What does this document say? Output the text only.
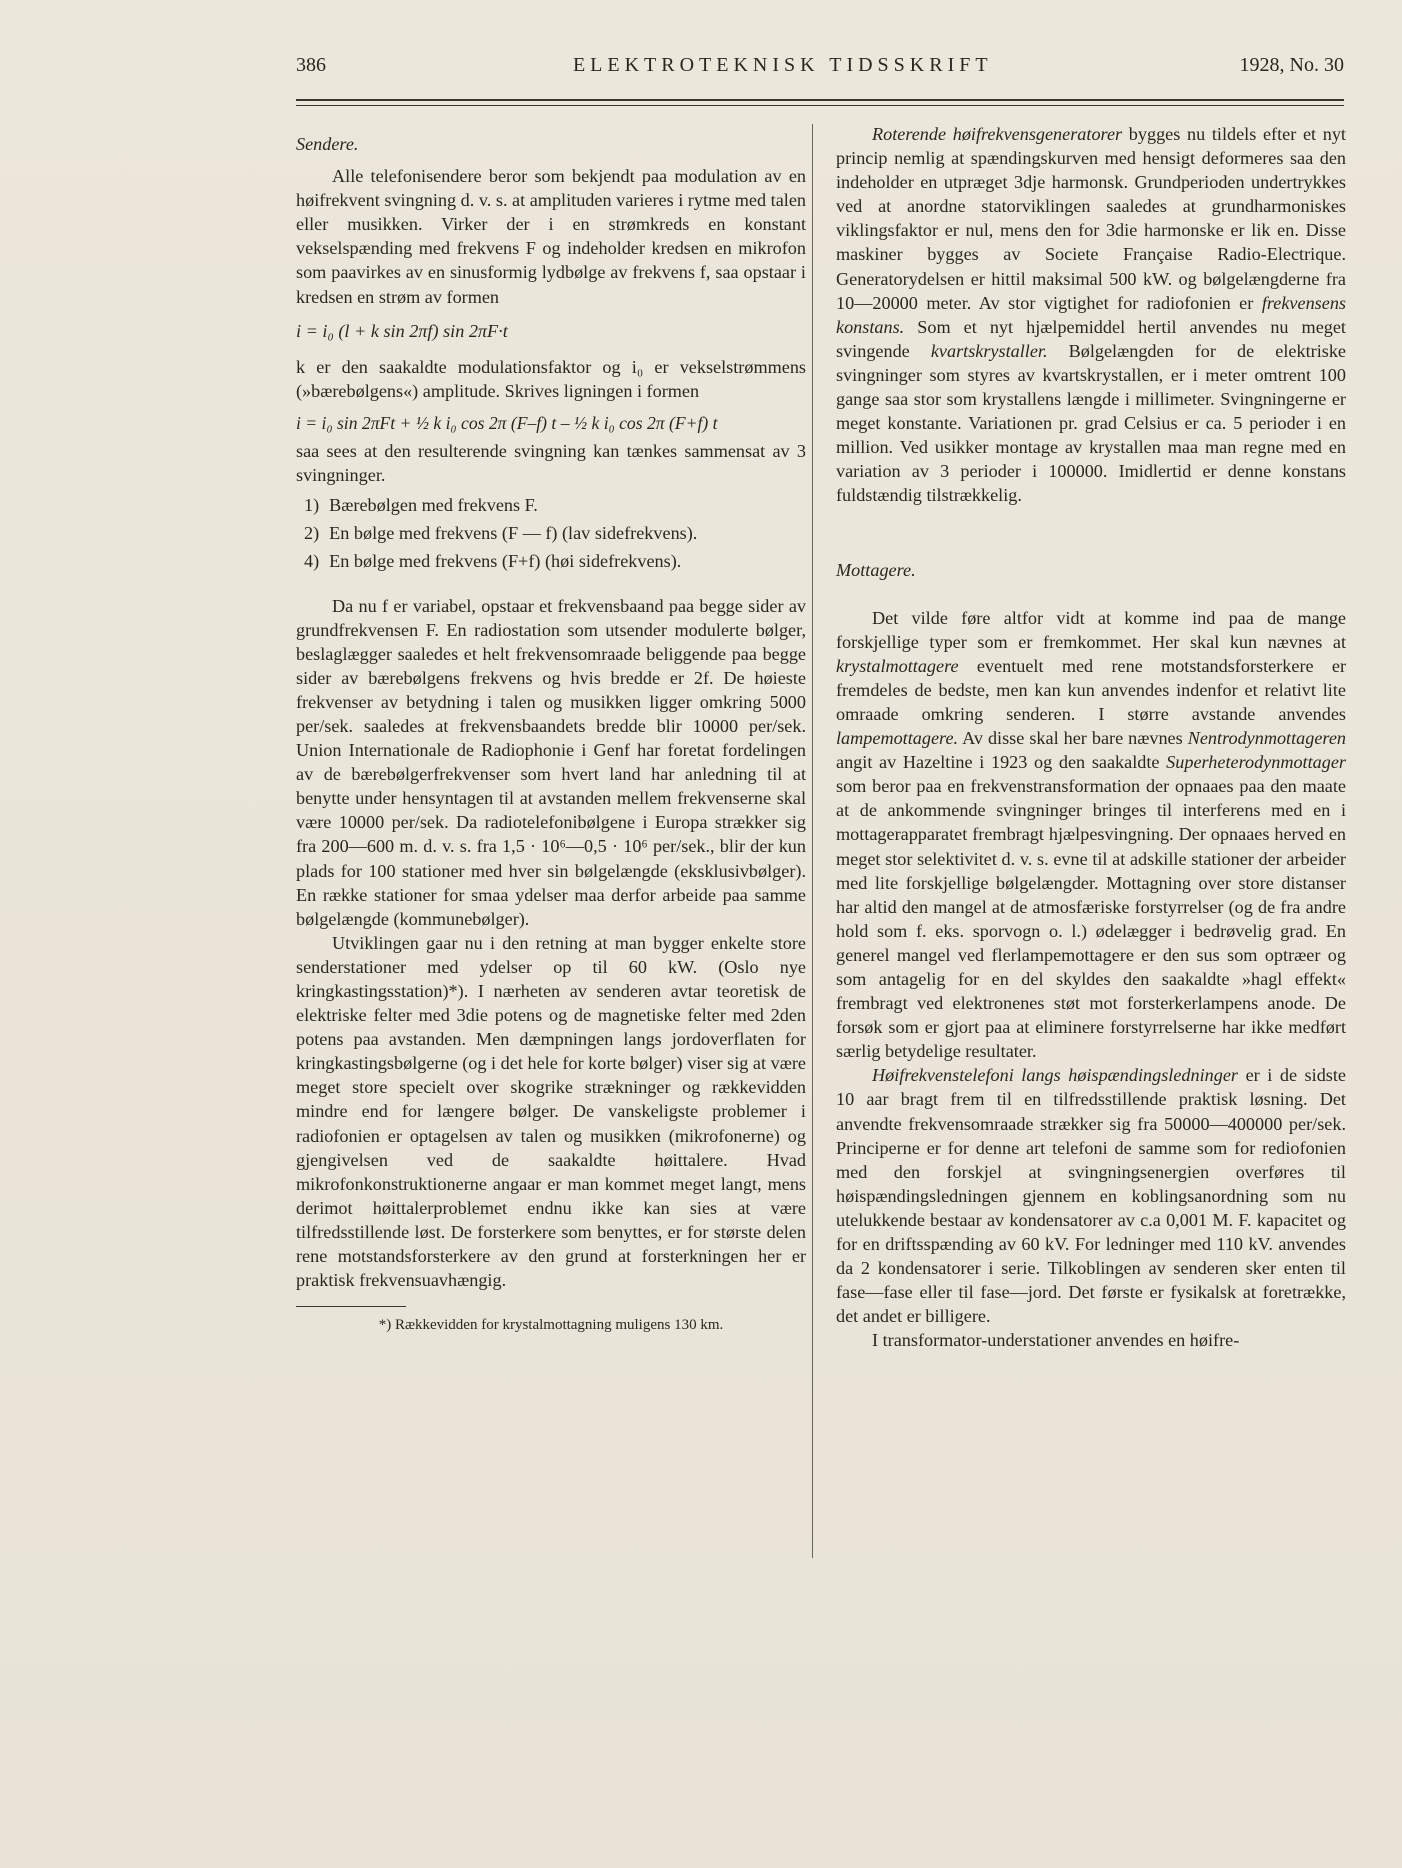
386	ELEKTROTEKNISK TIDSSKRIFT	1928, No. 30

Sendere.

Alle telefonisendere beror som bekjendt paa modulation av en høifrekvent svingning d. v. s. at amplituden varieres i rytme med talen eller musikken. Virker der i en strømkreds en konstant vekselspænding med frekvens F og indeholder kredsen en mikrofon som paavirkes av en sinusformig lydbølge av frekvens f, saa opstaar i kredsen en strøm av formen

i = i₀ (l + k sin 2πf) sin 2πF·t

k er den saakaldte modulationsfaktor og i₀ er vekselstrømmens (»bærebølgens«) amplitude. Skrives ligningen i formen

i = i₀ sin 2πFt + ½ k i₀ cos 2π (F–f) t – ½ k i₀ cos 2π (F+f) t

saa sees at den resulterende svingning kan tænkes sammensat av 3 svingninger.

1) Bærebølgen med frekvens F.
2) En bølge med frekvens (F — f) (lav sidefrekvens).
4) En bølge med frekvens (F+f) (høi sidefrekvens).

Da nu f er variabel, opstaar et frekvensbaand paa begge sider av grundfrekvensen F. En radiostation som utsender modulerte bølger, beslaglægger saaledes et helt frekvensomraade beliggende paa begge sider av bærebølgens frekvens og hvis bredde er 2f. De høieste frekvenser av betydning i talen og musikken ligger omkring 5000 per/sek. saaledes at frekvensbaandets bredde blir 10000 per/sek. Union Internationale de Radiophonie i Genf har foretat fordelingen av de bærebølgerfrekvenser som hvert land har anledning til at benytte under hensyntagen til at avstanden mellem frekvenserne skal være 10000 per/sek. Da radiotelefonibølgene i Europa strækker sig fra 200—600 m. d. v. s. fra 1,5 · 10⁶—0,5 · 10⁶ per/sek., blir der kun plads for 100 stationer med hver sin bølgelængde (eksklusivbølger). En række stationer for smaa ydelser maa derfor arbeide paa samme bølgelængde (kommunebølger).

Utviklingen gaar nu i den retning at man bygger enkelte store senderstationer med ydelser op til 60 kW. (Oslo nye kringkastingsstation)*). I nærheten av senderen avtar teoretisk de elektriske felter med 3die potens og de magnetiske felter med 2den potens paa avstanden. Men dæmpningen langs jordoverflaten for kringkastingsbølgerne (og i det hele for korte bølger) viser sig at være meget store specielt over skogrike strækninger og rækkevidden mindre end for længere bølger. De vanskeligste problemer i radiofonien er optagelsen av talen og musikken (mikrofonerne) og gjengivelsen ved de saakaldte høittalere. Hvad mikrofonkonstruktionerne angaar er man kommet meget langt, mens derimot høittalerproblemet endnu ikke kan sies at være tilfredsstillende løst. De forsterkere som benyttes, er for største delen rene motstandsforsterkere av den grund at forsterkningen her er praktisk frekvensuavhængig.

*) Rækkevidden for krystalmottagning muligens 130 km.

Roterende høifrekvensgeneratorer bygges nu tildels efter et nyt princip nemlig at spændingskurven med hensigt deformeres saa den indeholder en utpræget 3dje harmonsk. Grundperioden undertrykkes ved at anordne statorviklingen saaledes at grundharmoniskes viklingsfaktor er nul, mens den for 3die harmonske er lik en. Disse maskiner bygges av Societe Française Radio-Electrique. Generatorydelsen er hittil maksimal 500 kW. og bølgelængderne fra 10—20000 meter. Av stor vigtighet for radiofonien er frekvensens konstans. Som et nyt hjælpemiddel hertil anvendes nu meget svingende kvartskrystaller. Bølgelængden for de elektriske svingninger som styres av kvartskrystallen, er i meter omtrent 100 gange saa stor som krystallens længde i millimeter. Svingningerne er meget konstante. Variationen pr. grad Celsius er ca. 5 perioder i en million. Ved usikker montage av krystallen maa man regne med en variation av 3 perioder i 100000. Imidlertid er denne konstans fuldstændig tilstrækkelig.

Mottagere.

Det vilde føre altfor vidt at komme ind paa de mange forskjellige typer som er fremkommet. Her skal kun nævnes at krystalmottagere eventuelt med rene motstandsforsterkere er fremdeles de bedste, men kan kun anvendes indenfor et relativt lite omraade omkring senderen. I større avstande anvendes lampemottagere. Av disse skal her bare nævnes Nentrodynmottageren angit av Hazeltine i 1923 og den saakaldte Superheterodynmottager som beror paa en frekvenstransformation der opnaaes paa den maate at de ankommende svingninger bringes til interferens med en i mottagerapparatet frembragt hjælpesvingning. Der opnaaes herved en meget stor selektivitet d. v. s. evne til at adskille stationer der arbeider med lite forskjellige bølgelængder. Mottagning over store distanser har altid den mangel at de atmosfæriske forstyrrelser (og de fra andre hold som f. eks. sporvogn o. l.) ødelægger i bedrøvelig grad. En generel mangel ved flerlampemottagere er den sus som optræer og som antagelig for en del skyldes den saakaldte »hagl effekt« frembragt ved elektronenes støt mot forsterkerlampens anode. De forsøk som er gjort paa at eliminere forstyrrelserne har ikke medført særlig betydelige resultater.

Høifrekvenstelefoni langs høispændingsledninger er i de sidste 10 aar bragt frem til en tilfredsstillende praktisk løsning. Det anvendte frekvensomraade strækker sig fra 50000—400000 per/sek. Principerne er for denne art telefoni de samme som for rediofonien med den forskjel at svingningsenergien overføres til høispændingsledningen gjennem en koblingsanordning som nu utelukkende bestaar av kondensatorer av c.a 0,001 M. F. kapacitet og for en driftsspænding av 60 kV. For ledninger med 110 kV. anvendes da 2 kondensatorer i serie. Tilkoblingen av senderen sker enten til fase—fase eller til fase—jord. Det første er fysikalsk at foretrække, det andet er billigere.

I transformator-understationer anvendes en høifre-
